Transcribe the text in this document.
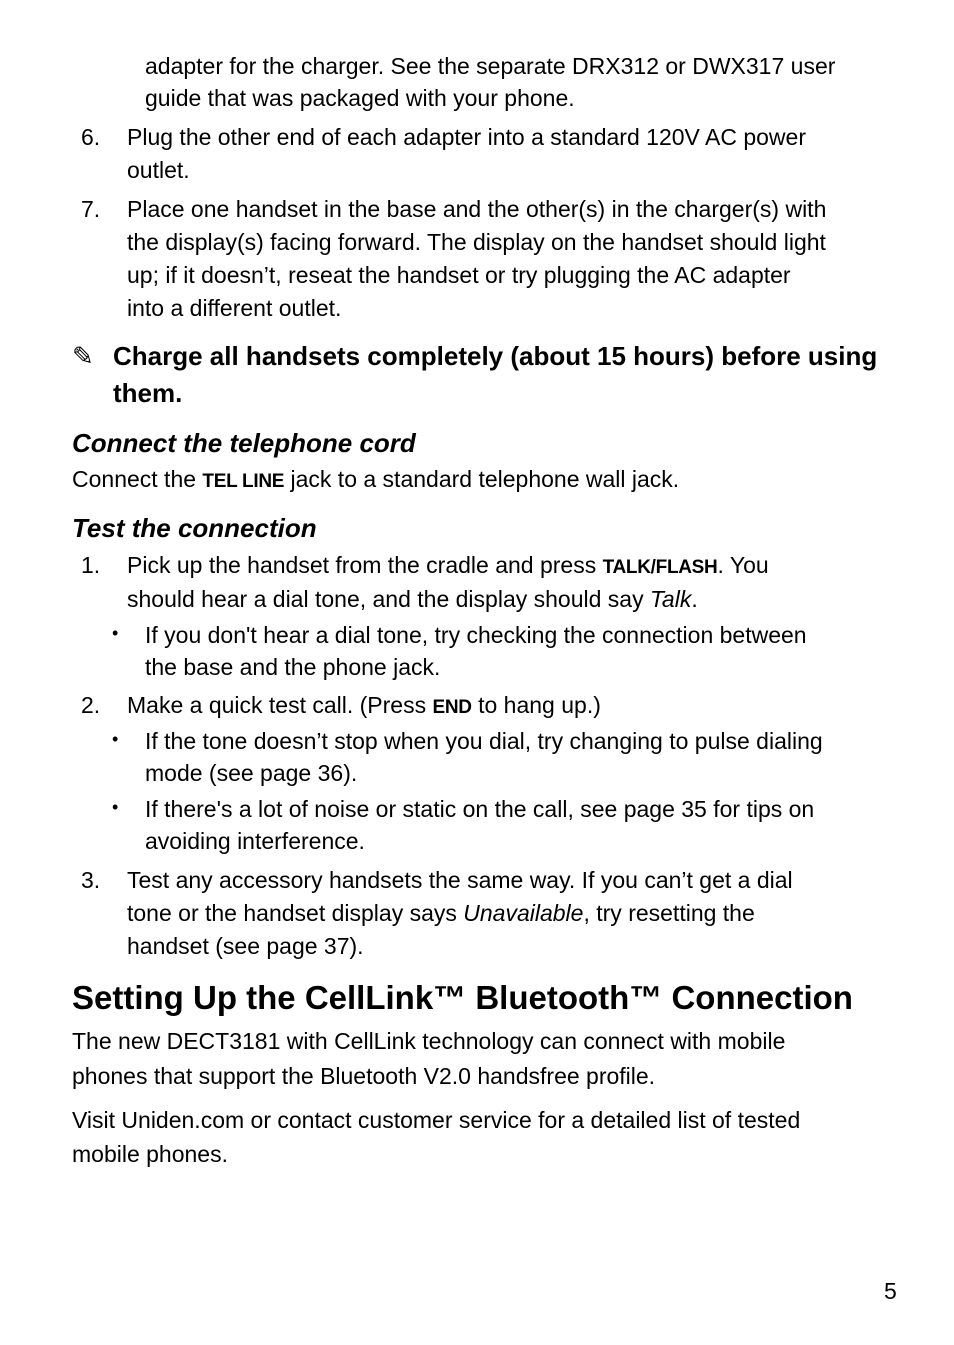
adapter for the charger. See the separate DRX312 or DWX317 user
guide that was packaged with your phone.
6. Plug the other end of each adapter into a standard 120V AC power
outlet.
7. Place one handset in the base and the other(s) in the charger(s) with
the display(s) facing forward. The display on the handset should light
up; if it doesn’t, reseat the handset or try plugging the AC adapter
into a different outlet.
✎ Charge all handsets completely (about 15 hours) before using
them.
Connect the telephone cord
Connect the TEL LINE jack to a standard telephone wall jack.
Test the connection
1. Pick up the handset from the cradle and press TALK/FLASH. You
should hear a dial tone, and the display should say Talk.
• If you don't hear a dial tone, try checking the connection between
the base and the phone jack.
2. Make a quick test call. (Press END to hang up.)
• If the tone doesn’t stop when you dial, try changing to pulse dialing
mode (see page 36).
• If there's a lot of noise or static on the call, see page 35 for tips on
avoiding interference.
3. Test any accessory handsets the same way. If you can’t get a dial
tone or the handset display says Unavailable, try resetting the
handset (see page 37).
Setting Up the CellLink™ Bluetooth™ Connection
The new DECT3181 with CellLink technology can connect with mobile
phones that support the Bluetooth V2.0 handsfree profile.
Visit Uniden.com or contact customer service for a detailed list of tested
mobile phones.
5
